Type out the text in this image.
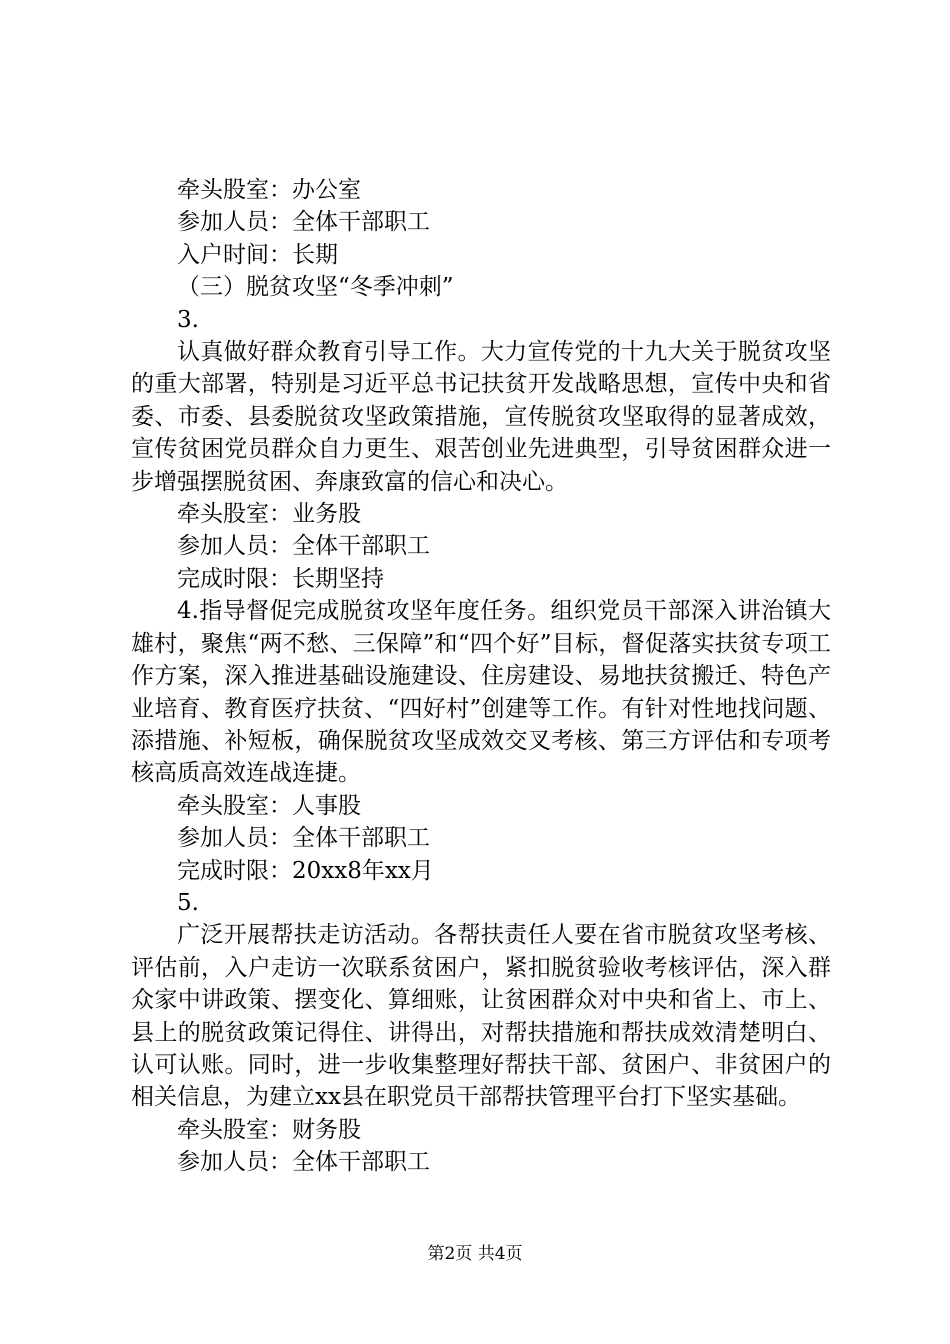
牵头股室：办公室
参加人员：全体干部职工
入户时间：长期
（三）脱贫攻坚“冬季冲刺”
3.
认真做好群众教育引导工作。大力宣传党的十九大关于脱贫攻坚的重大部署，特别是习近平总书记扶贫开发战略思想，宣传中央和省委、市委、县委脱贫攻坚政策措施，宣传脱贫攻坚取得的显著成效，宣传贫困党员群众自力更生、艰苦创业先进典型，引导贫困群众进一步增强摆脱贫困、奔康致富的信心和决心。
牵头股室：业务股
参加人员：全体干部职工
完成时限：长期坚持
4.指导督促完成脱贫攻坚年度任务。组织党员干部深入讲治镇大雄村，聚焦“两不愁、三保障”和“四个好”目标，督促落实扶贫专项工作方案，深入推进基础设施建设、住房建设、易地扶贫搬迁、特色产业培育、教育医疗扶贫、“四好村”创建等工作。有针对性地找问题、添措施、补短板，确保脱贫攻坚成效交叉考核、第三方评估和专项考核高质高效连战连捷。
牵头股室：人事股
参加人员：全体干部职工
完成时限：20xx8年xx月
5.
广泛开展帮扶走访活动。各帮扶责任人要在省市脱贫攻坚考核、评估前，入户走访一次联系贫困户，紧扣脱贫验收考核评估，深入群众家中讲政策、摆变化、算细账，让贫困群众对中央和省上、市上、县上的脱贫政策记得住、讲得出，对帮扶措施和帮扶成效清楚明白、认可认账。同时，进一步收集整理好帮扶干部、贫困户、非贫困户的相关信息，为建立xx县在职党员干部帮扶管理平台打下坚实基础。
牵头股室：财务股
参加人员：全体干部职工
第2页 共4页
